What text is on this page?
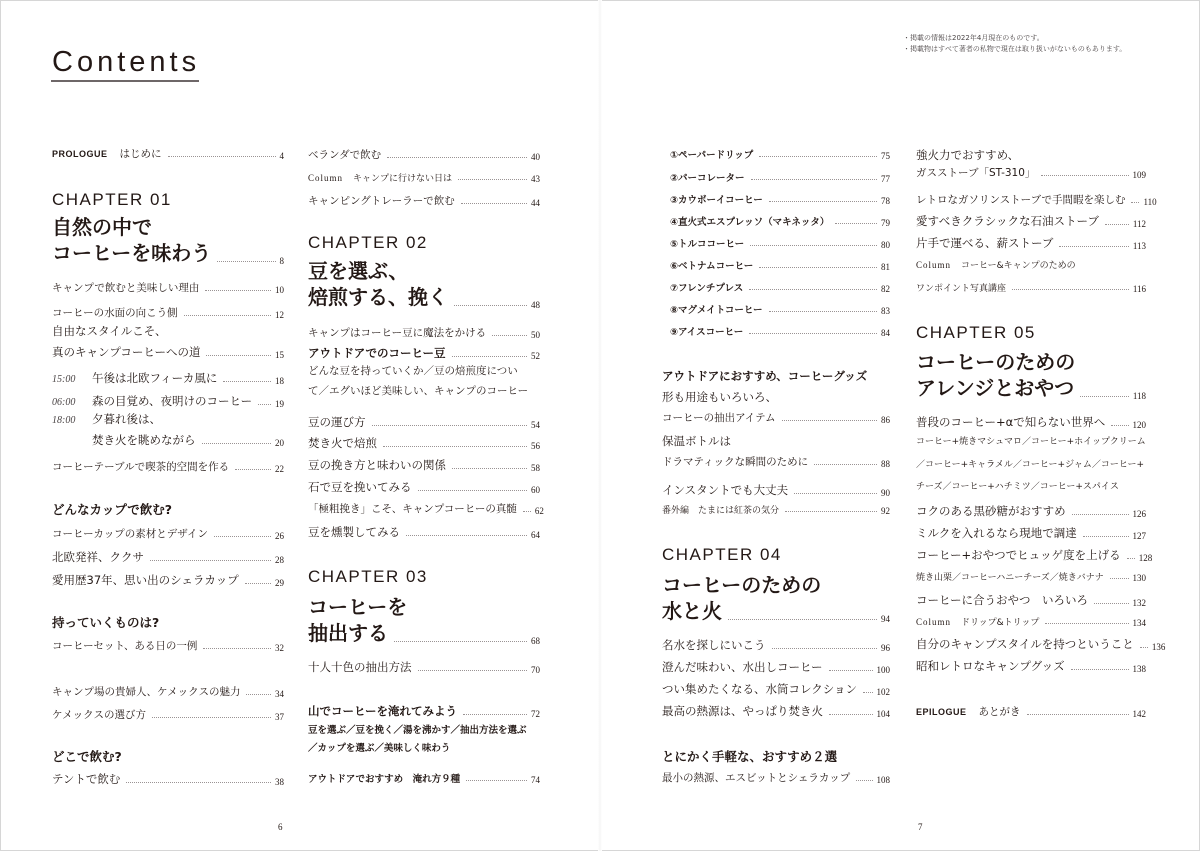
Contents
・掲載の情報は2022年4月現在のものです。
・掲載物はすべて著者の私物で現在は取り扱いがないものもあります。
PROLOGUE はじめに	4
CHAPTER 01
自然の中で
コーヒーを味わう	8
キャンプで飲むと美味しい理由	10
コーヒーの水面の向こう側	12
自由なスタイルこそ、
真のキャンプコーヒーへの道	15
15:00 午後は北欧フィーカ風に	18
06:00 森の目覚め、夜明けのコーヒー	19
18:00 夕暮れ後は、
焚き火を眺めながら	20
コーヒーテーブルで喫茶的空間を作る	22
どんなカップで飲む?
コーヒーカップの素材とデザイン	26
北欧発祥、ククサ	28
愛用歴37年、思い出のシェラカップ	29
持っていくものは?
コーヒーセット、ある日の一例	32
キャンプ場の貴婦人、ケメックスの魅力	34
ケメックスの選び方	37
どこで飲む?
テントで飲む	38
6
ベランダで飲む	40
Column キャンプに行けない日は	43
キャンピングトレーラーで飲む	44
CHAPTER 02
豆を選ぶ、
焙煎する、挽く	48
キャンプはコーヒー豆に魔法をかける	50
アウトドアでのコーヒー豆	52
どんな豆を持っていくか／豆の焙煎度につい
て／エグいほど美味しい、キャンプのコーヒー
豆の運び方	54
焚き火で焙煎	56
豆の挽き方と味わいの関係	58
石で豆を挽いてみる	60
「極粗挽き」こそ、キャンプコーヒーの真髄 62
豆を燻製してみる	64
CHAPTER 03
コーヒーを
抽出する	68
十人十色の抽出方法	70
山でコーヒーを淹れてみよう	72
豆を選ぶ／豆を挽く／湯を沸かす／抽出方法を選ぶ
／カップを選ぶ／美味しく味わう
アウトドアでおすすめ　淹れ方９種	74
①ペーパードリップ	75
②パーコレーター	77
③カウボーイコーヒー	78
④直火式エスプレッソ（マキネッタ）	79
⑤トルココーヒー	80
⑥ベトナムコーヒー	81
⑦フレンチプレス	82
⑧マグメイトコーヒー	83
⑨アイスコーヒー	84
アウトドアにおすすめ、コーヒーグッズ
形も用途もいろいろ、
コーヒーの抽出アイテム	86
保温ボトルは
ドラマティックな瞬間のために	88
インスタントでも大丈夫	90
番外編　たまには紅茶の気分	92
CHAPTER 04
コーヒーのための
水と火	94
名水を探しにいこう	96
澄んだ味わい、水出しコーヒー	100
つい集めたくなる、水筒コレクション 102
最高の熱源は、やっぱり焚き火	104
とにかく手軽な、おすすめ２選
最小の熱源、エスビットとシェラカップ	108
7
強火力でおすすめ、
ガスストーブ「ST-310」	109
レトロなガソリンストーブで手間暇を楽しむ 110
愛すべきクラシックな石油ストーブ	112
片手で運べる、薪ストーブ	113
Column コーヒー&キャンプのための
ワンポイント写真講座	116
CHAPTER 05
コーヒーのための
アレンジとおやつ	118
普段のコーヒー+αで知らない世界へ	120
コーヒー+焼きマシュマロ／コーヒー+ホイップクリーム
／コーヒー+キャラメル／コーヒー+ジャム／コーヒー+
チーズ／コーヒー+ハチミツ／コーヒー+スパイス
コクのある黒砂糖がおすすめ	126
ミルクを入れるなら現地で調達	127
コーヒー+おやつでヒュッゲ度を上げる 128
焼き山栗／コーヒーハニーチーズ／焼きバナナ	130
コーヒーに合うおやつ　いろいろ	132
Column ドリップ&トリップ	134
自分のキャンプスタイルを持つということ 136
昭和レトロなキャンプグッズ	138
EPILOGUE あとがき	142
